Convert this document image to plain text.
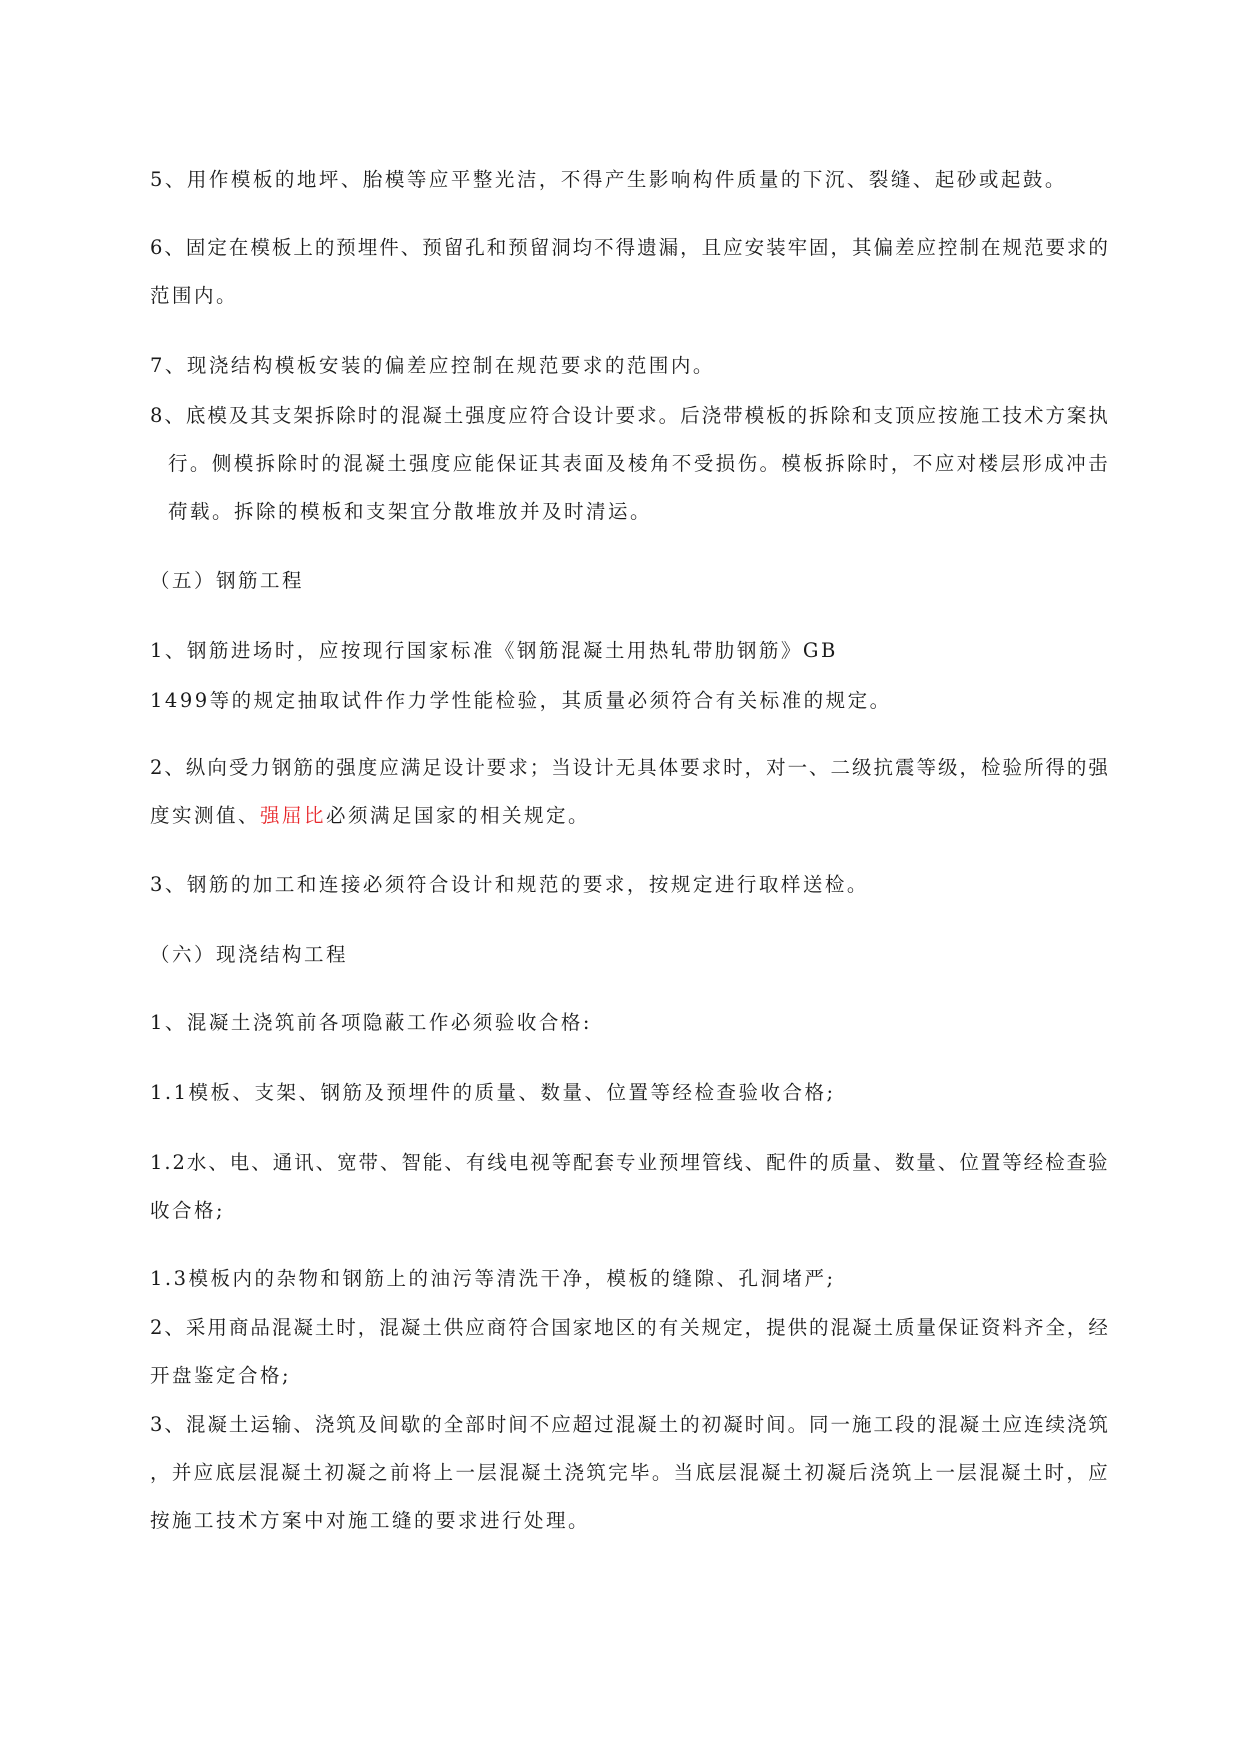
5、用作模板的地坪、胎模等应平整光洁，不得产生影响构件质量的下沉、裂缝、起砂或起鼓。
6、固定在模板上的预埋件、预留孔和预留洞均不得遗漏，且应安装牢固，其偏差应控制在规范要求的
范围内。
7、现浇结构模板安装的偏差应控制在规范要求的范围内。
8、底模及其支架拆除时的混凝土强度应符合设计要求。后浇带模板的拆除和支顶应按施工技术方案执
行。侧模拆除时的混凝土强度应能保证其表面及棱角不受损伤。模板拆除时，不应对楼层形成冲击
荷载。拆除的模板和支架宜分散堆放并及时清运。
（五）钢筋工程
1、钢筋进场时，应按现行国家标准《钢筋混凝土用热轧带肋钢筋》GB
1499等的规定抽取试件作力学性能检验，其质量必须符合有关标准的规定。
2、纵向受力钢筋的强度应满足设计要求；当设计无具体要求时，对一、二级抗震等级，检验所得的强
度实测值、强屈比必须满足国家的相关规定。
3、钢筋的加工和连接必须符合设计和规范的要求，按规定进行取样送检。
（六）现浇结构工程
1、混凝土浇筑前各项隐蔽工作必须验收合格:
1.1模板、支架、钢筋及预埋件的质量、数量、位置等经检查验收合格;
1.2水、电、通讯、宽带、智能、有线电视等配套专业预埋管线、配件的质量、数量、位置等经检查验
收合格;
1.3模板内的杂物和钢筋上的油污等清洗干净，模板的缝隙、孔洞堵严;
2、采用商品混凝土时，混凝土供应商符合国家地区的有关规定，提供的混凝土质量保证资料齐全，经
开盘鉴定合格;
3、混凝土运输、浇筑及间歇的全部时间不应超过混凝土的初凝时间。同一施工段的混凝土应连续浇筑
，并应底层混凝土初凝之前将上一层混凝土浇筑完毕。当底层混凝土初凝后浇筑上一层混凝土时，应
按施工技术方案中对施工缝的要求进行处理。
